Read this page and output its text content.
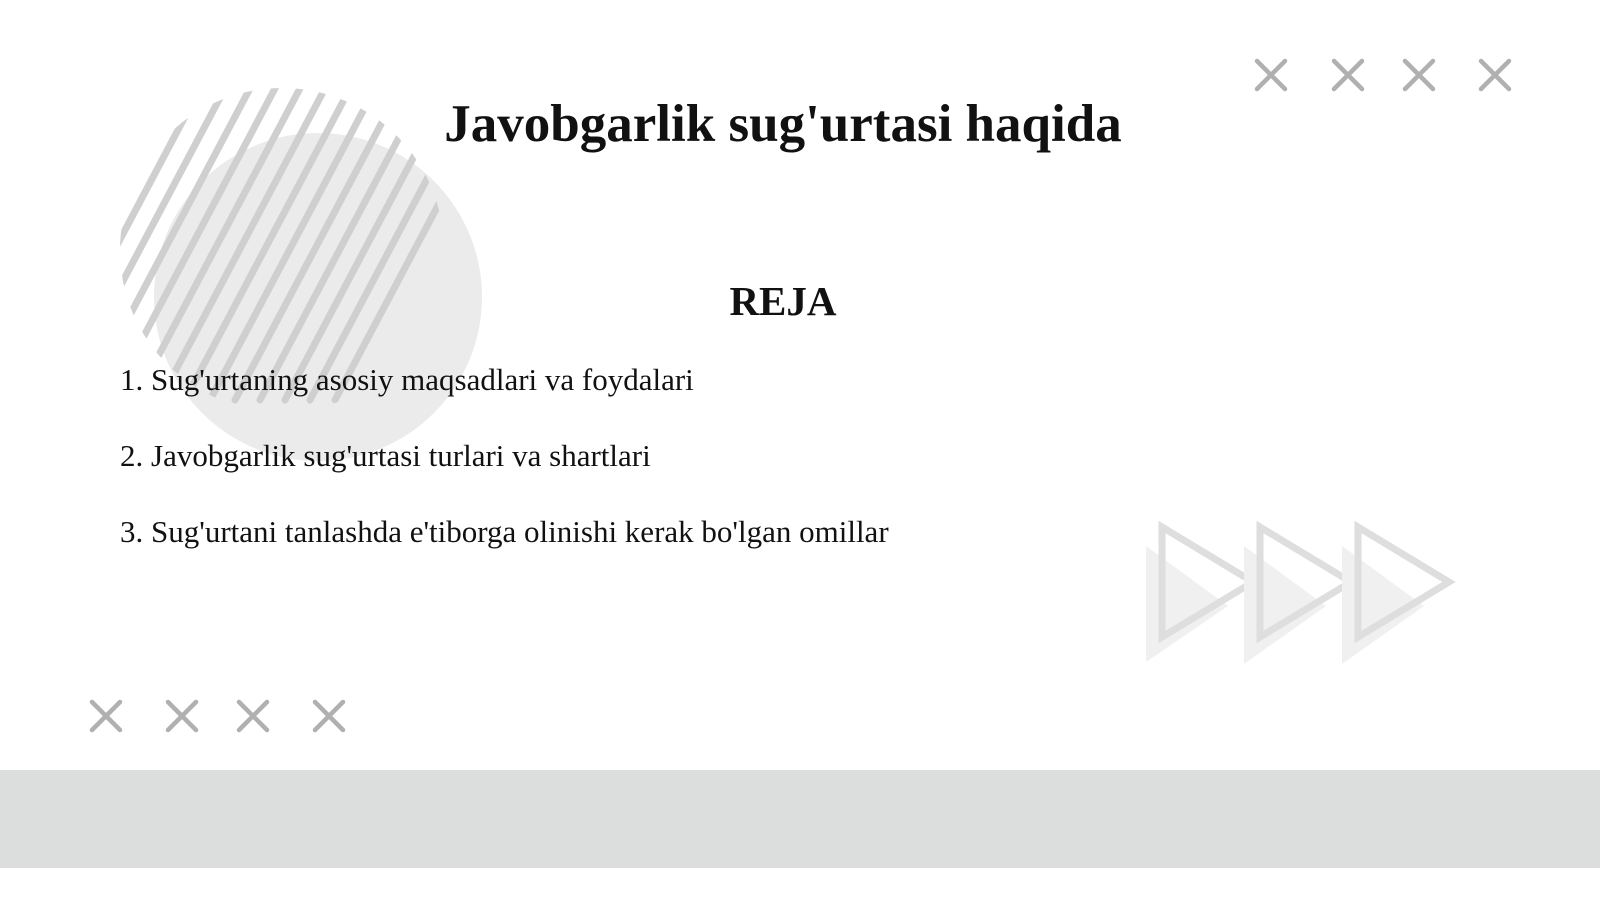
Javobgarlik sug'urtasi haqida
REJA
1. Sug'urtaning asosiy maqsadlari va foydalari
2. Javobgarlik sug'urtasi turlari va shartlari
3. Sug'urtani tanlashda e'tiborga olinishi kerak bo'lgan omillar
